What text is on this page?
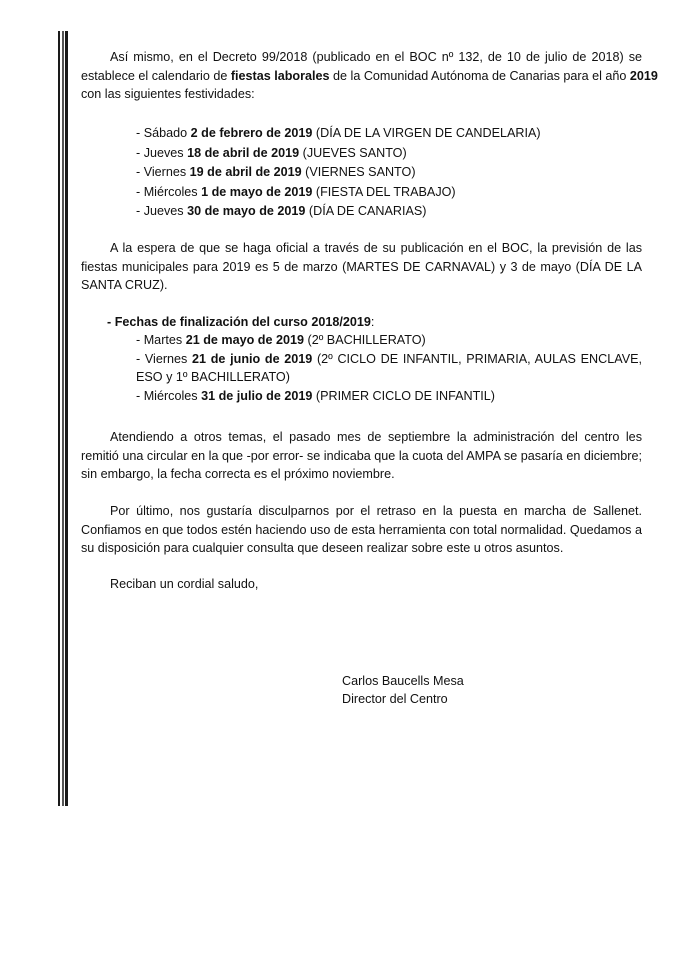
Así mismo, en el Decreto 99/2018 (publicado en el BOC nº 132, de 10 de julio de 2018) se
establece el calendario de fiestas laborales de la Comunidad Autónoma de Canarias para el año 2019
con las siguientes festividades:
- Sábado 2 de febrero de 2019 (DÍA DE LA VIRGEN DE CANDELARIA)
- Jueves 18 de abril de 2019 (JUEVES SANTO)
- Viernes 19 de abril de 2019 (VIERNES SANTO)
- Miércoles 1 de mayo de 2019 (FIESTA DEL TRABAJO)
- Jueves 30 de mayo de 2019 (DÍA DE CANARIAS)

A la espera de que se haga oficial a través de su publicación en el BOC, la previsión de las fiestas municipales para 2019 es 5 de marzo (MARTES DE CARNAVAL) y 3 de mayo (DÍA DE LA SANTA CRUZ).

- Fechas de finalización del curso 2018/2019:
- Martes 21 de mayo de 2019 (2º BACHILLERATO)
- Viernes 21 de junio de 2019 (2º CICLO DE INFANTIL, PRIMARIA, AULAS ENCLAVE, ESO y 1º BACHILLERATO)
- Miércoles 31 de julio de 2019 (PRIMER CICLO DE INFANTIL)

Atendiendo a otros temas, el pasado mes de septiembre la administración del centro les remitió una circular en la que -por error- se indicaba que la cuota del AMPA se pasaría en diciembre; sin embargo, la fecha correcta es el próximo noviembre.

Por último, nos gustaría disculparnos por el retraso en la puesta en marcha de Sallenet. Confiamos en que todos estén haciendo uso de esta herramienta con total normalidad. Quedamos a su disposición para cualquier consulta que deseen realizar sobre este u otros asuntos.

Reciban un cordial saludo,
Carlos Baucells Mesa
Director del Centro
